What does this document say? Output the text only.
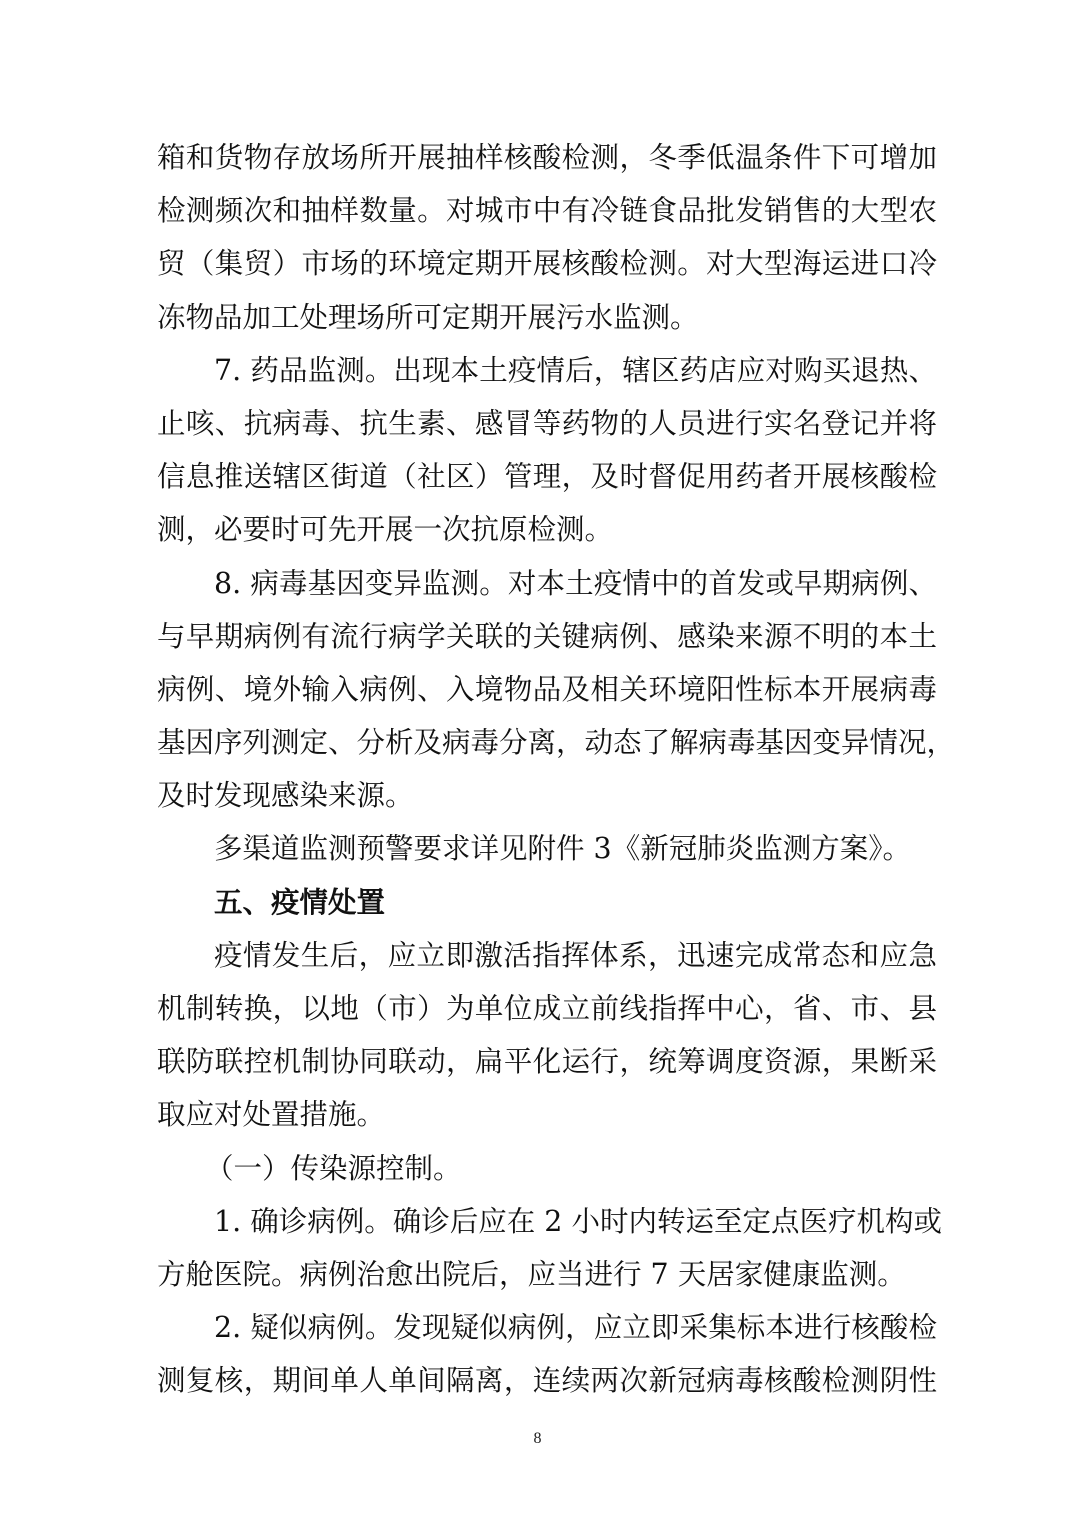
箱和货物存放场所开展抽样核酸检测，冬季低温条件下可增加
检测频次和抽样数量。对城市中有冷链食品批发销售的大型农
贸（集贸）市场的环境定期开展核酸检测。对大型海运进口冷
冻物品加工处理场所可定期开展污水监测。
7. 药品监测。出现本土疫情后，辖区药店应对购买退热、
止咳、抗病毒、抗生素、感冒等药物的人员进行实名登记并将
信息推送辖区街道（社区）管理，及时督促用药者开展核酸检
测，必要时可先开展一次抗原检测。
8. 病毒基因变异监测。对本土疫情中的首发或早期病例、
与早期病例有流行病学关联的关键病例、感染来源不明的本土
病例、境外输入病例、入境物品及相关环境阳性标本开展病毒
基因序列测定、分析及病毒分离，动态了解病毒基因变异情况，
及时发现感染来源。
多渠道监测预警要求详见附件 3《新冠肺炎监测方案》。
五、疫情处置
疫情发生后，应立即激活指挥体系，迅速完成常态和应急
机制转换，以地（市）为单位成立前线指挥中心，省、市、县
联防联控机制协同联动，扁平化运行，统筹调度资源，果断采
取应对处置措施。
（一）传染源控制。
1. 确诊病例。确诊后应在 2 小时内转运至定点医疗机构或
方舱医院。病例治愈出院后，应当进行 7 天居家健康监测。
2. 疑似病例。发现疑似病例，应立即采集标本进行核酸检
测复核，期间单人单间隔离，连续两次新冠病毒核酸检测阴性
8
